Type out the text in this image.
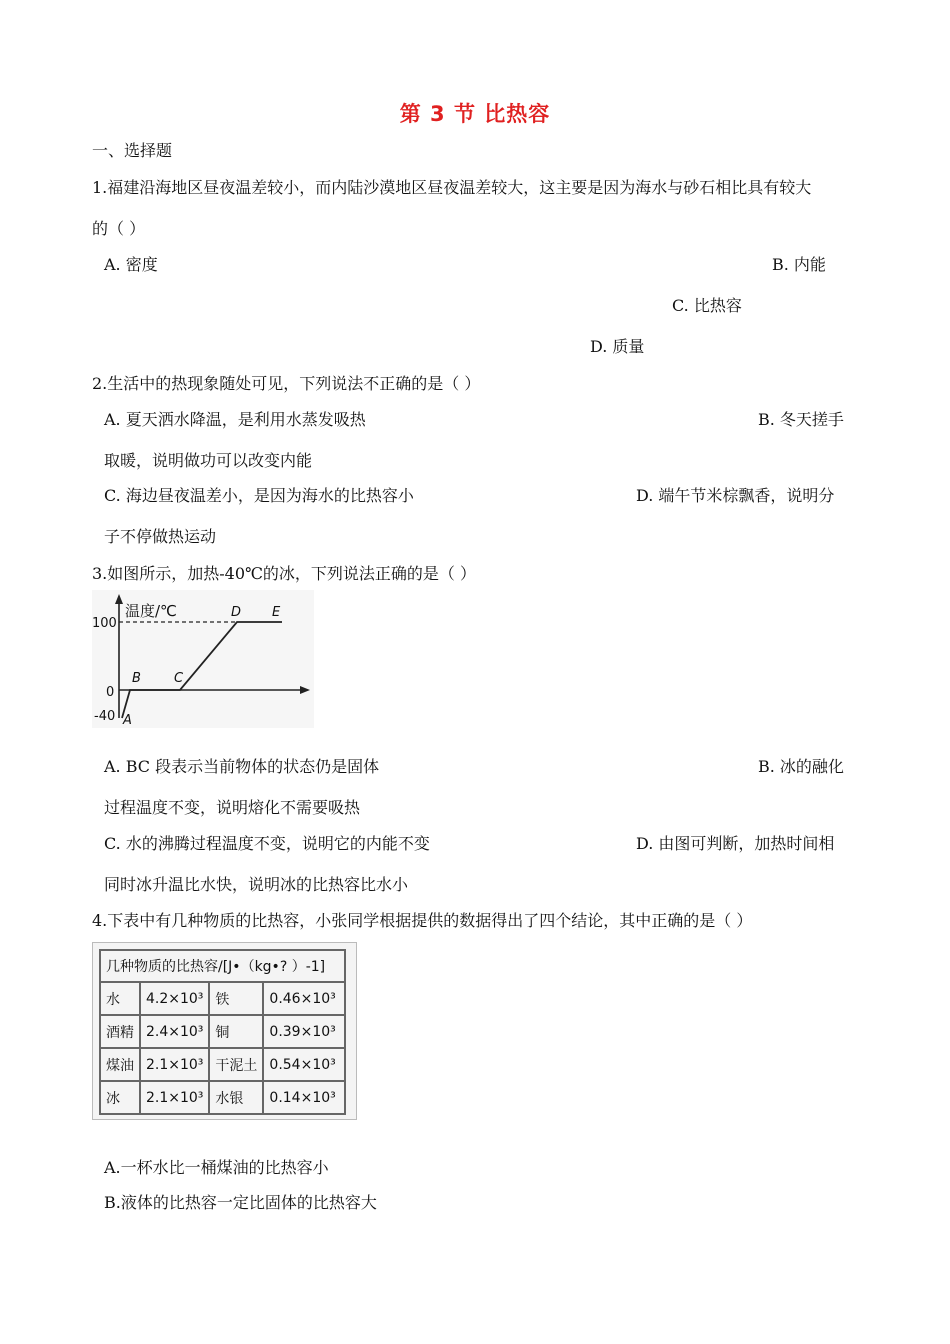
第 3 节 比热容
一、选择题
1.福建沿海地区昼夜温差较小，而内陆沙漠地区昼夜温差较大，这主要是因为海水与砂石相比具有较大
的（ ）
A. 密度	B. 内能
C. 比热容
D. 质量
2.生活中的热现象随处可见，下列说法不正确的是（ ）
A. 夏天洒水降温，是利用水蒸发吸热	B. 冬天搓手
取暖，说明做功可以改变内能
C. 海边昼夜温差小，是因为海水的比热容小	D. 端午节米棕飘香，说明分
子不停做热运动
3.如图所示，加热-40℃的冰，下列说法正确的是（ ）
100
0
-40
温度/℃
A
B	C
D E
A. BC 段表示当前物体的状态仍是固体	B. 冰的融化
过程温度不变，说明熔化不需要吸热
C. 水的沸腾过程温度不变，说明它的内能不变	D. 由图可判断，加热时间相
同时冰升温比水快，说明冰的比热容比水小
4.下表中有几种物质的比热容，小张同学根据提供的数据得出了四个结论，其中正确的是（ ）
几种物质的比热容/[J•（kg•? ）-1]			
水	4.2×10³	铁	0.46×10³
酒精	2.4×10³	铜	0.39×10³
煤油	2.1×10³	干泥土	0.54×10³
冰	2.1×10³	水银	0.14×10³
A.一杯水比一桶煤油的比热容小
B.液体的比热容一定比固体的比热容大
